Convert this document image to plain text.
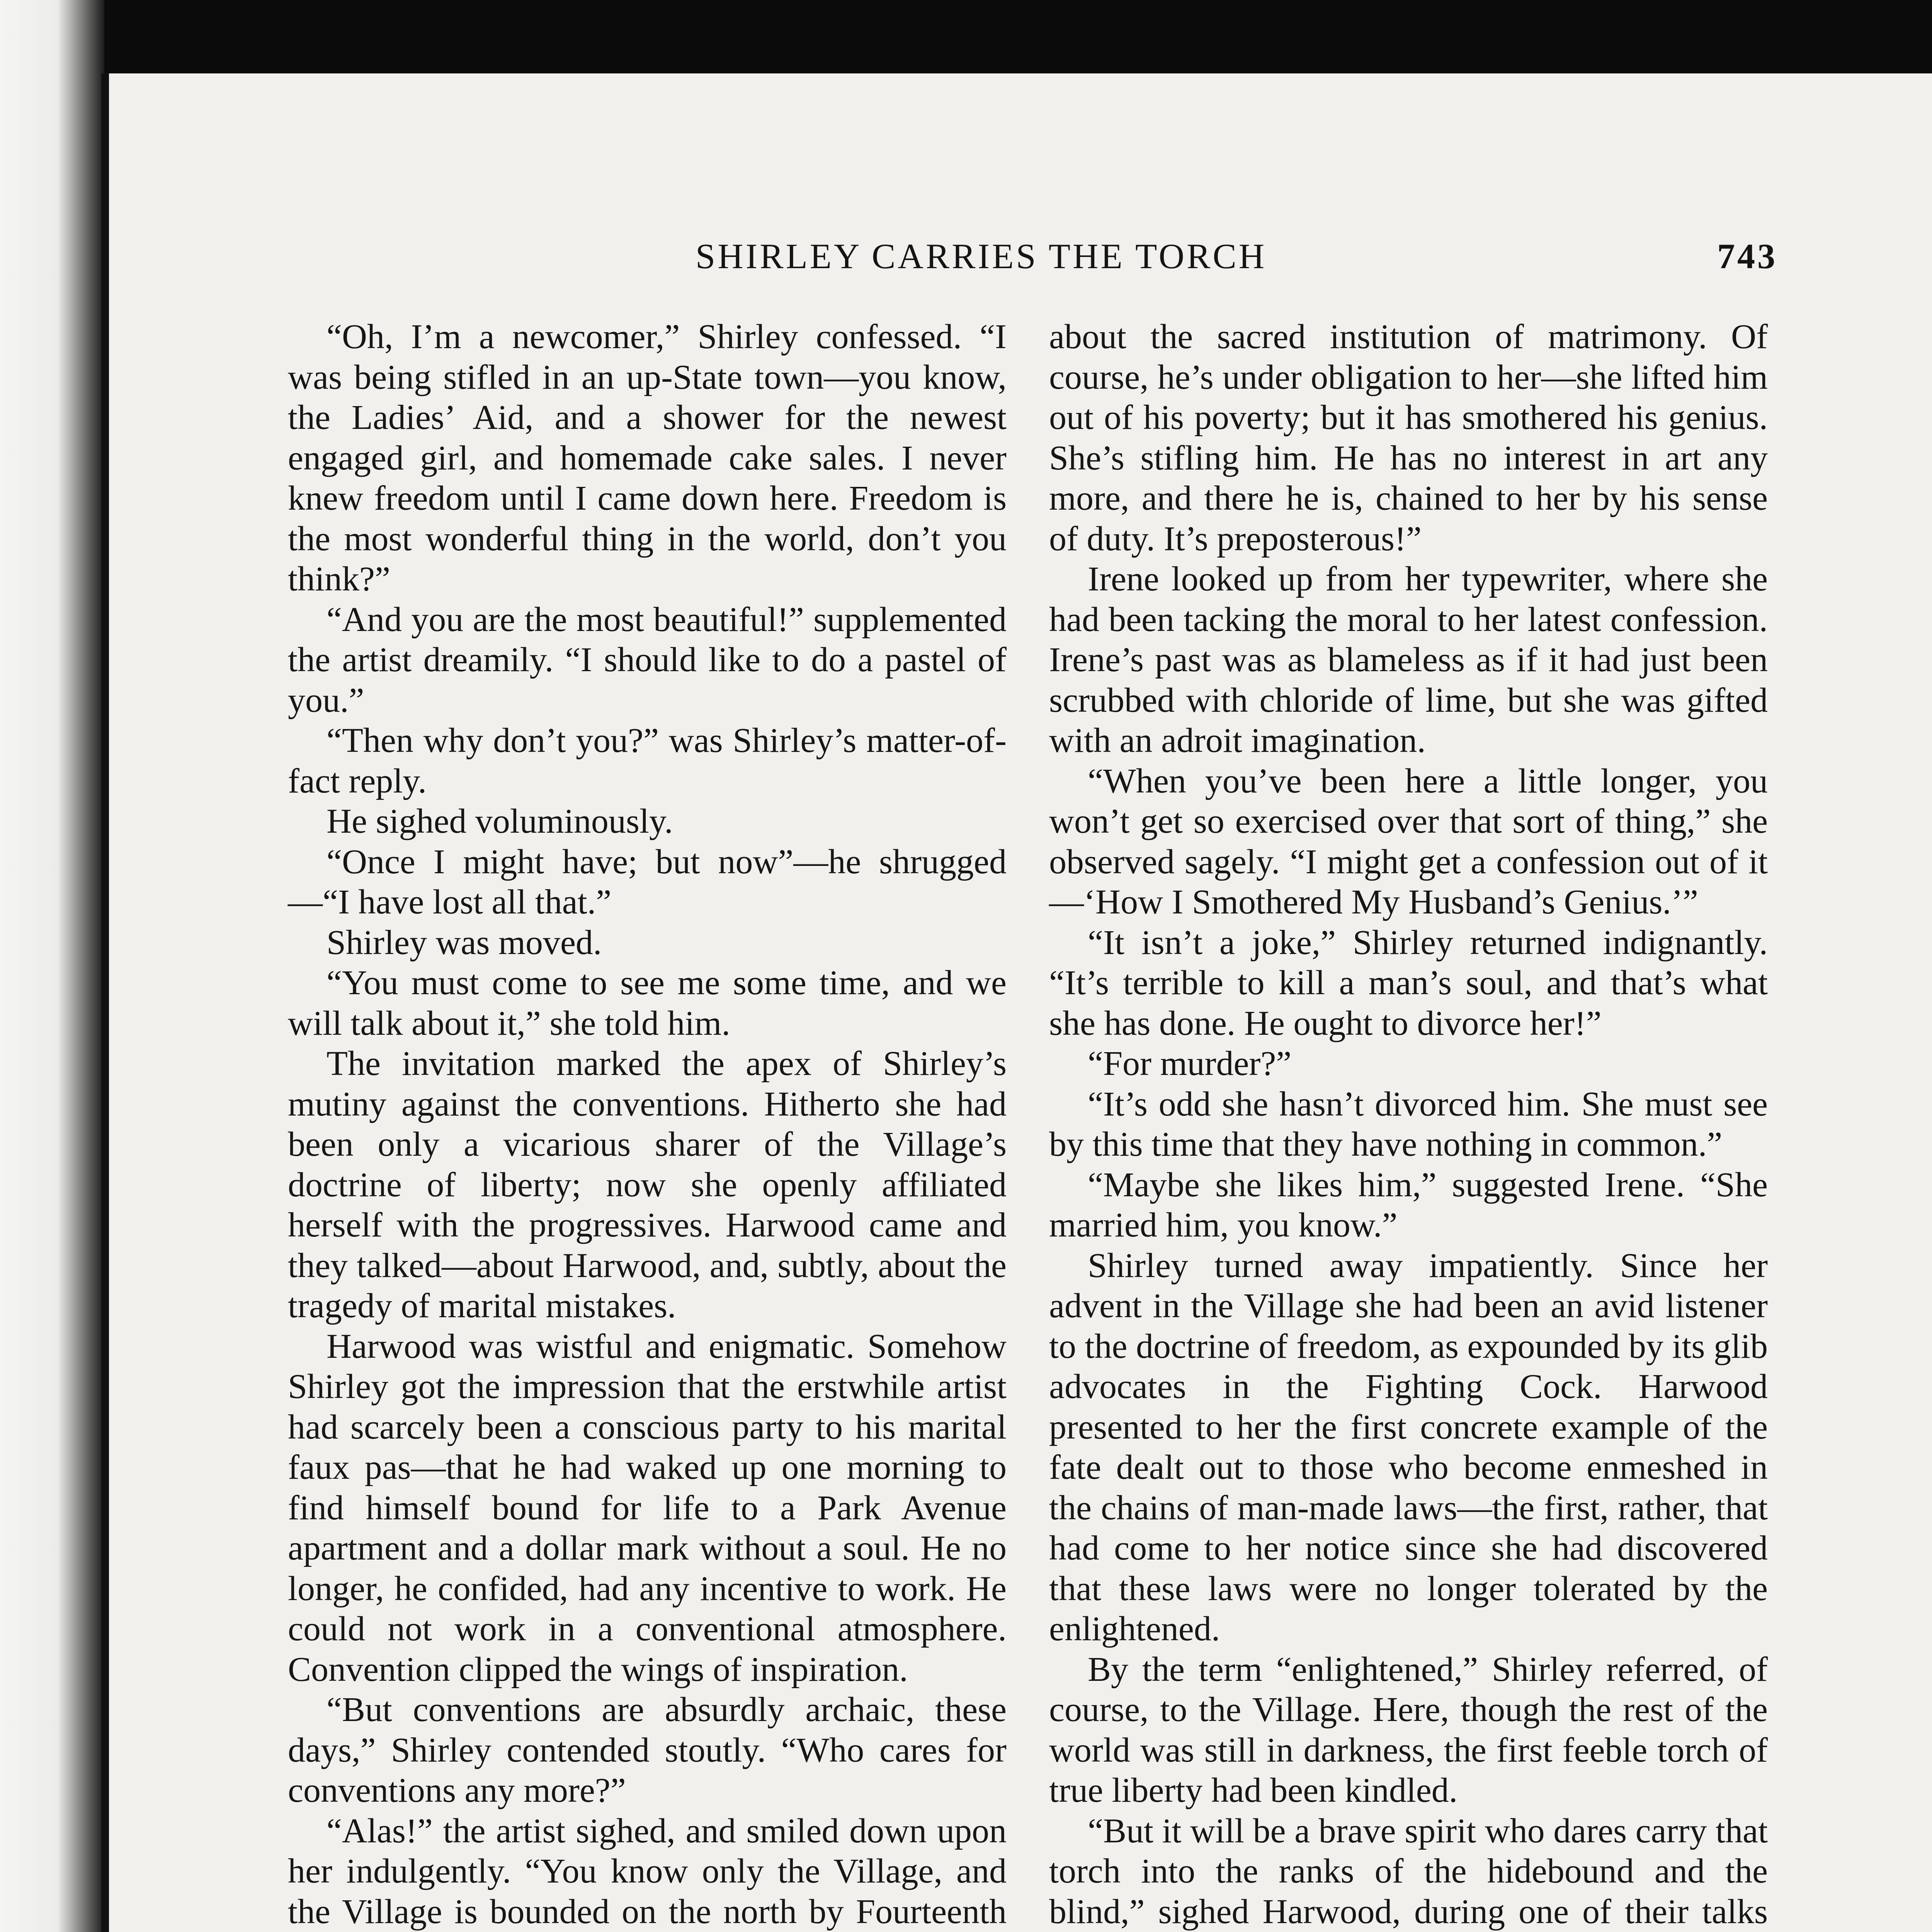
SHIRLEY CARRIES THE TORCH	743

“Oh, I’m a newcomer,” Shirley confessed. “I was being stifled in an up-State town—you know, the Ladies’ Aid, and a shower for the newest engaged girl, and homemade cake sales. I never knew freedom until I came down here. Freedom is the most wonderful thing in the world, don’t you think?”

“And you are the most beautiful!” supplemented the artist dreamily. “I should like to do a pastel of you.”

“Then why don’t you?” was Shirley’s matter-of-fact reply.

He sighed voluminously.

“Once I might have; but now”—he shrugged—“I have lost all that.”

Shirley was moved.

“You must come to see me some time, and we will talk about it,” she told him.

The invitation marked the apex of Shirley’s mutiny against the conventions. Hitherto she had been only a vicarious sharer of the Village’s doctrine of liberty; now she openly affiliated herself with the progressives. Harwood came and they talked—about Harwood, and, subtly, about the tragedy of marital mistakes.

Harwood was wistful and enigmatic. Somehow Shirley got the impression that the erstwhile artist had scarcely been a conscious party to his marital faux pas—that he had waked up one morning to find himself bound for life to a Park Avenue apartment and a dollar mark without a soul. He no longer, he confided, had any incentive to work. He could not work in a conventional atmosphere. Convention clipped the wings of inspiration.

“But conventions are absurdly archaic, these days,” Shirley contended stoutly. “Who cares for conventions any more?”

“Alas!” the artist sighed, and smiled down upon her indulgently. “You know only the Village, and the Village is bounded on the north by Fourteenth

about the sacred institution of matrimony. Of course, he’s under obligation to her—she lifted him out of his poverty; but it has smothered his genius. She’s stifling him. He has no interest in art any more, and there he is, chained to her by his sense of duty. It’s preposterous!”

Irene looked up from her typewriter, where she had been tacking the moral to her latest confession. Irene’s past was as blameless as if it had just been scrubbed with chloride of lime, but she was gifted with an adroit imagination.

“When you’ve been here a little longer, you won’t get so exercised over that sort of thing,” she observed sagely. “I might get a confession out of it—‘How I Smothered My Husband’s Genius.’”

“It isn’t a joke,” Shirley returned indignantly. “It’s terrible to kill a man’s soul, and that’s what she has done. He ought to divorce her!”

“For murder?”

“It’s odd she hasn’t divorced him. She must see by this time that they have nothing in common.”

“Maybe she likes him,” suggested Irene. “She married him, you know.”

Shirley turned away impatiently. Since her advent in the Village she had been an avid listener to the doctrine of freedom, as expounded by its glib advocates in the Fighting Cock. Harwood presented to her the first concrete example of the fate dealt out to those who become enmeshed in the chains of man-made laws—the first, rather, that had come to her notice since she had discovered that these laws were no longer tolerated by the enlightened.

By the term “enlightened,” Shirley referred, of course, to the Village. Here, though the rest of the world was still in darkness, the first feeble torch of true liberty had been kindled.

“But it will be a brave spirit who dares carry that torch into the ranks of the hidebound and the blind,” sighed Harwood, during one of their talks
